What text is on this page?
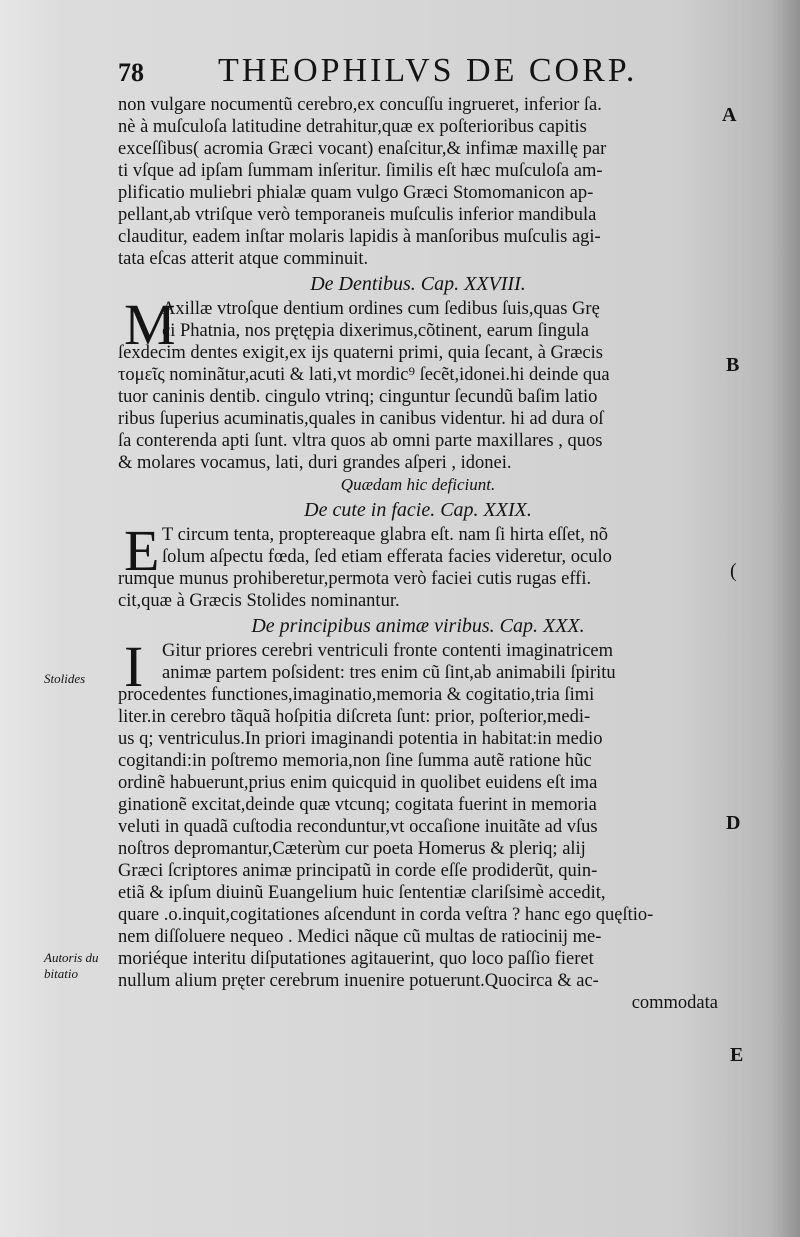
78 THEOPHILVS DE CORP.
non vulgare nocumentũ cerebro,ex concuſſu ingrueret, inferior ſa.
nè à muſculoſa latitudine detrahitur,quæ ex poſterioribus capitis
exceſſibus( acromia Græci vocant) enaſcitur,& infimæ maxillę par
ti vſque ad ipſam ſummam inſeritur. ſimilis eſt hæc muſculoſa am-
plificatio muliebri phialæ quam vulgo Græci Stomomanicon ap-
pellant,ab vtriſque verò temporaneis muſculis inferior mandibula
clauditur, eadem inſtar molaris lapidis à manſoribus muſculis agi-
tata eſcas atterit atque comminuit.
De Dentibus. Cap. XXVIII.
M
Axillæ vtroſque dentium ordines cum ſedibus ſuis,quas Grę
ci Phatnia, nos prętępia dixerimus,cõtinent, earum ſingula
ſexdecim dentes exigit,ex ijs quaterni primi, quia ſecant, à Græcis
τομεῖς nominãtur,acuti & lati,vt mordic⁹ ſecẽt,idonei.hi deinde qua
tuor caninis dentib. cingulo vtrinq; cinguntur ſecundũ baſim latio
ribus ſuperius acuminatis,quales in canibus videntur. hi ad dura oſ
ſa conterenda apti ſunt. vltra quos ab omni parte maxillares , quos
& molares vocamus, lati, duri grandes aſperi , idonei.
Quædam hic deficiunt.
De cute in facie. Cap. XXIX.
E T circum tenta, proptereaque glabra eſt. nam ſi hirta eſſet, nõ
ſolum aſpectu fœda, ſed etiam efferata facies videretur, oculo
rumque munus prohiberetur,permota verò faciei cutis rugas effi.
cit,quæ à Græcis Stolides nominantur.
De principibus animæ viribus. Cap. XXX.
I	Gitur priores cerebri ventriculi fronte contenti imaginatricem
animæ partem poſsident: tres enim cũ ſint,ab animabili ſpiritu
procedentes functiones,imaginatio,memoria & cogitatio,tria ſimi
liter.in cerebro tãquã hoſpitia diſcreta ſunt: prior, poſterior,medi-
us q; ventriculus.In priori imaginandi potentia in habitat:in medio
cogitandi:in poſtremo memoria,non ſine ſumma autẽ ratione hũc
ordinẽ habuerunt,prius enim quicquid in quolibet euidens eſt ima
ginationẽ excitat,deinde quæ vtcunq; cogitata fuerint in memoria
veluti in quadã cuſtodia reconduntur,vt occaſione inuitãte ad vſus
noſtros depromantur,Cæterùm cur poeta Homerus & pleriq; alij
Græci ſcriptores animæ principatũ in corde eſſe prodiderũt, quin-
etiã & ipſum diuinũ Euangelium huic ſententiæ clariſsimè accedit,
quare .o.inquit,cogitationes aſcendunt in corda veſtra ? hanc ego quęſtio-
nem diſſoluere nequeo . Medici nãque cũ multas de ratiocinij me-
moriéque interitu diſputationes agitauerint, quo loco paſſio fieret
nullum alium pręter cerebrum inuenire potuerunt.Quocirca & ac-
commodata
A
B
(
D
E
Stolides
Autoris du
bitatio
